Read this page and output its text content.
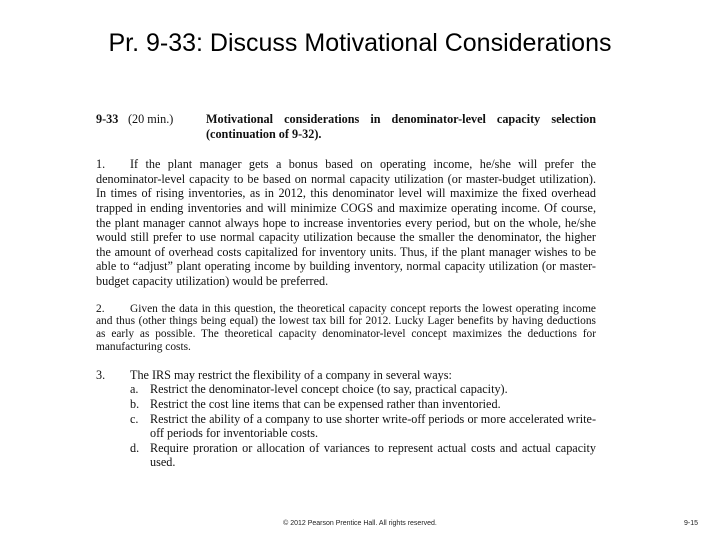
Pr. 9-33: Discuss Motivational Considerations
9-33 (20 min.)	Motivational considerations in denominator-level capacity selection (continuation of 9-32).
1. If the plant manager gets a bonus based on operating income, he/she will prefer the denominator-level capacity to be based on normal capacity utilization (or master-budget utilization). In times of rising inventories, as in 2012, this denominator level will maximize the fixed overhead trapped in ending inventories and will minimize COGS and maximize operating income. Of course, the plant manager cannot always hope to increase inventories every period, but on the whole, he/she would still prefer to use normal capacity utilization because the smaller the denominator, the higher the amount of overhead costs capitalized for inventory units. Thus, if the plant manager wishes to be able to “adjust” plant operating income by building inventory, normal capacity utilization (or master-budget capacity utilization) would be preferred.
2. Given the data in this question, the theoretical capacity concept reports the lowest operating income and thus (other things being equal) the lowest tax bill for 2012. Lucky Lager benefits by having deductions as early as possible. The theoretical capacity denominator-level concept maximizes the deductions for manufacturing costs.
3.	The IRS may restrict the flexibility of a company in several ways:
a. Restrict the denominator-level concept choice (to say, practical capacity).
b. Restrict the cost line items that can be expensed rather than inventoried.
c. Restrict the ability of a company to use shorter write-off periods or more accelerated write-off periods for inventoriable costs.
d. Require proration or allocation of variances to represent actual costs and actual capacity used.
© 2012 Pearson Prentice Hall. All rights reserved.	9-15
